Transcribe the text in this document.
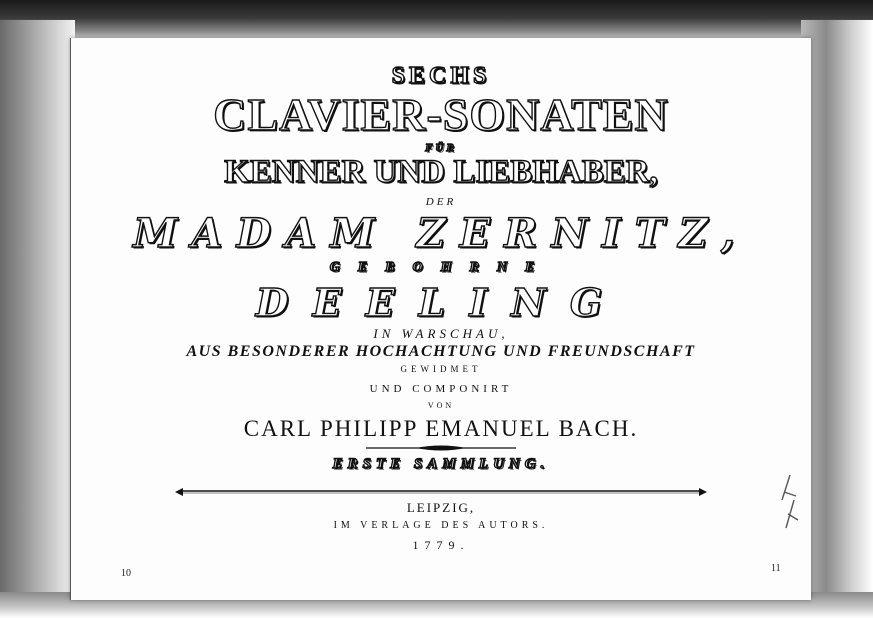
SECHS
CLAVIER-SONATEN
FÜR
KENNER UND LIEBHABER,
DER
MADAM ZERNITZ,
GEBOHRNE
DEELING
IN WARSCHAU,
AUS BESONDERER HOCHACHTUNG UND FREUNDSCHAFT
GEWIDMET
UND COMPONIRT
VON
CARL PHILIPP EMANUEL BACH.
ERSTE SAMMLUNG.
LEIPZIG,
IM VERLAGE DES AUTORS.
1779.
10	11
